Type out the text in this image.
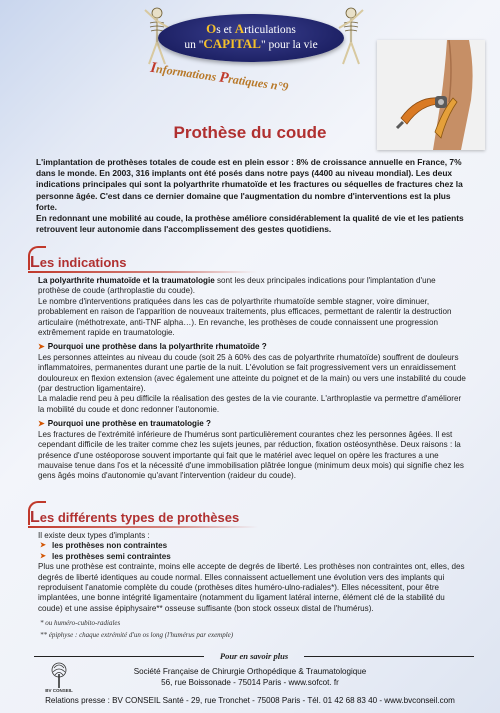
Os et Articulations
un "CAPITAL" pour la vie
Informations Pratiques n°9
Prothèse du coude

L'implantation de prothèses totales de coude est en plein essor : 8% de croissance annuelle en France, 7% dans le monde. En 2003, 316 implants ont été posés dans notre pays (4400 au niveau mondial). Les deux indications principales qui sont la polyarthrite rhumatoïde et les fractures ou séquelles de fractures chez la personne âgée. C'est dans ce dernier domaine que l'augmentation du nombre d'interventions est la plus forte.

En redonnant une mobilité au coude, la prothèse améliore considérablement la qualité de vie et les patients retrouvent leur autonomie dans l'accomplissement des gestes quotidiens.

Les indications

La polyarthrite rhumatoïde et la traumatologie sont les deux principales indications pour l'implantation d'une prothèse de coude (arthroplastie du coude).

Le nombre d'interventions pratiquées dans les cas de polyarthrite rhumatoïde semble stagner, voire diminuer, probablement en raison de l'apparition de nouveaux traitements, plus efficaces, permettant de ralentir la destruction articulaire (méthotrexate, anti-TNF alpha…). En revanche, les prothèses de coude connaissent une progression extrêmement rapide en traumatologie.

➤ Pourquoi une prothèse dans la polyarthrite rhumatoïde ?

Les personnes atteintes au niveau du coude (soit 25 à 60% des cas de polyarthrite rhumatoïde) souffrent de douleurs inflammatoires, permanentes durant une partie de la nuit. L'évolution se fait progressivement vers un enraidissement douloureux en flexion extension (avec également une atteinte du poignet et de la main) ou vers une instabilité du coude (par destruction ligamentaire).

La maladie rend peu à peu difficile la réalisation des gestes de la vie courante. L'arthroplastie va permettre d'améliorer la mobilité du coude et donc redonner l'autonomie.

➤ Pourquoi une prothèse en traumatologie ?

Les fractures de l'extrémité inférieure de l'humérus sont particulièrement courantes chez les personnes âgées. Il est cependant difficile de les traiter comme chez les sujets jeunes, par réduction, fixation ostéosynthèse. Deux raisons : la présence d'une ostéoporose souvent importante qui fait que le matériel avec lequel on opère les fractures a une mauvaise tenue dans l'os et la nécessité d'une immobilisation plâtrée longue (minimum deux mois) qui signifie chez les gens âgés moins d'autonomie qu'avant l'intervention (raideur du coude).

Les différents types de prothèses

Il existe deux types d'implants :

➤ les prothèses non contraintes
➤ les prothèses semi contraintes

Plus une prothèse est contrainte, moins elle accepte de degrés de liberté. Les prothèses non contraintes ont, elles, des degrés de liberté identiques au coude normal. Elles connaissent actuellement une évolution vers des implants qui reproduisent l'anatomie complète du coude (prothèses dites huméro-ulno-radiales*). Elles nécessitent, pour être implantées, une bonne intégrité ligamentaire (notamment du ligament latéral interne, élément clé de la stabilité du coude) et une assise épiphysaire** osseuse suffisante (bon stock osseux distal de l'humérus).

* ou huméro-cubito-radiales
** épiphyse : chaque extrémité d'un os long (l'humérus par exemple)
Pour en savoir plus
BV CONSEIL
Société Française de Chirurgie Orthopédique & Traumatologique
56, rue Boissonade - 75014 Paris - www.sofcot. fr
Relations presse : BV CONSEIL Santé - 29, rue Tronchet - 75008 Paris - Tél. 01 42 68 83 40 - www.bvconseil.com
